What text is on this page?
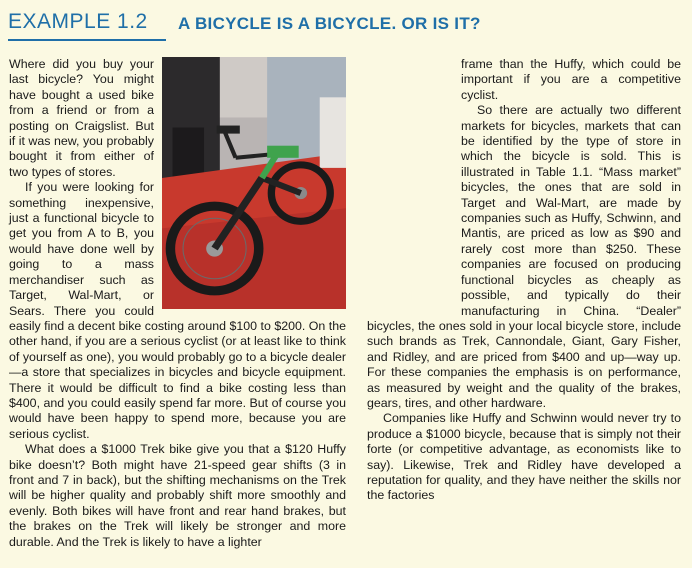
EXAMPLE 1.2 A BICYCLE IS A BICYCLE. OR IS IT?

Where did you buy your last bicycle? You might have bought a used bike from a friend or from a posting on Craigslist. But if it was new, you probably bought it from either of two types of stores.

If you were looking for something inexpensive, just a functional bicycle to get you from A to B, you would have done well by going to a mass merchandiser such as Target, Wal-Mart, or Sears. There you could easily find a decent bike costing around $100 to $200. On the other hand, if you are a serious cyclist (or at least like to think of yourself as one), you would probably go to a bicycle dealer—a store that specializes in bicycles and bicycle equipment. There it would be difficult to find a bike costing less than $400, and you could easily spend far more. But of course you would have been happy to spend more, because you are serious cyclist.

What does a $1000 Trek bike give you that a $120 Huffy bike doesn’t? Both might have 21-speed gear shifts (3 in front and 7 in back), but the shifting mechanisms on the Trek will be higher quality and probably shift more smoothly and evenly. Both bikes will have front and rear hand brakes, but the brakes on the Trek will likely be stronger and more durable. And the Trek is likely to have a lighter

frame than the Huffy, which could be important if you are a competitive cyclist.

So there are actually two different markets for bicycles, markets that can be identified by the type of store in which the bicycle is sold. This is illustrated in Table 1.1. “Mass market” bicycles, the ones that are sold in Target and Wal-Mart, are made by companies such as Huffy, Schwinn, and Mantis, are priced as low as $90 and rarely cost more than $250. These companies are focused on producing functional bicycles as cheaply as possible, and typically do their manufacturing in China. “Dealer” bicycles, the ones sold in your local bicycle store, include such brands as Trek, Cannondale, Giant, Gary Fisher, and Ridley, and are priced from $400 and up—way up. For these companies the emphasis is on performance, as measured by weight and the quality of the brakes, gears, tires, and other hardware.

Companies like Huffy and Schwinn would never try to produce a $1000 bicycle, because that is simply not their forte (or competitive advantage, as economists like to say). Likewise, Trek and Ridley have developed a reputation for quality, and they have neither the skills nor the factories
